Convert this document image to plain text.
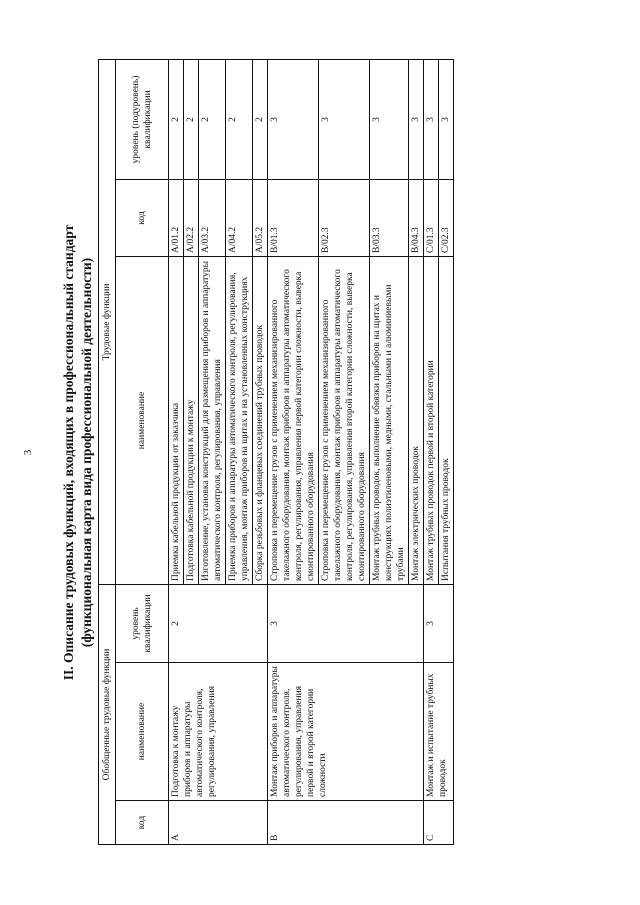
3 II. Описание трудовых функций, входящих в профессиональный стандарт (функциональная карта вида профессиональной деятельности)
Обобщенные трудовые функции			Трудовые функции		
код	наименование	уровень квалификации	наименование	код	уровень (подуровень) квалификации
A	Подготовка к монтажу приборов и аппаратуры автоматического контроля, регулирования, управления	2	Приемка кабельной продукции от заказчика	A/01.2	2
			Подготовка кабельной продукции к монтажу	A/02.2	2
			Изготовление, установка конструкций для размещения приборов и аппаратуры автоматического контроля, регулирования, управления	A/03.2	2
			Приемка приборов и аппаратуры автоматического контроля, регулирования, управления, монтаж приборов на щитах и на установленных конструкциях	A/04.2	2
			Сборка резьбовых и фланцевых соединений трубных проводок	A/05.2	2
B	Монтаж приборов и аппаратуры автоматического контроля, регулирования, управления первой и второй категории сложности	3	Строповка и перемещение грузов с применением механизированного такелажного оборудования, монтаж приборов и аппаратуры автоматического контроля, регулирования, управления первой категории сложности, выверка смонтированного оборудования	B/01.3	3
			Строповка и перемещение грузов с применением механизированного такелажного оборудования, монтаж приборов и аппаратуры автоматического контроля, регулирования, управления второй категории сложности, выверка смонтированного оборудования	B/02.3	3
			Монтаж трубных проводок, выполнение обвязки приборов на щитах и конструкциях полиэтиленовыми, медными, стальными и алюминиевыми трубами	B/03.3	3
			Монтаж электрических проводок	B/04.3	3
C	Монтаж и испытание трубных проводок	3	Монтаж трубных проводок первой и второй категории	C/01.3	3
			Испытания трубных проводок	C/02.3	3
